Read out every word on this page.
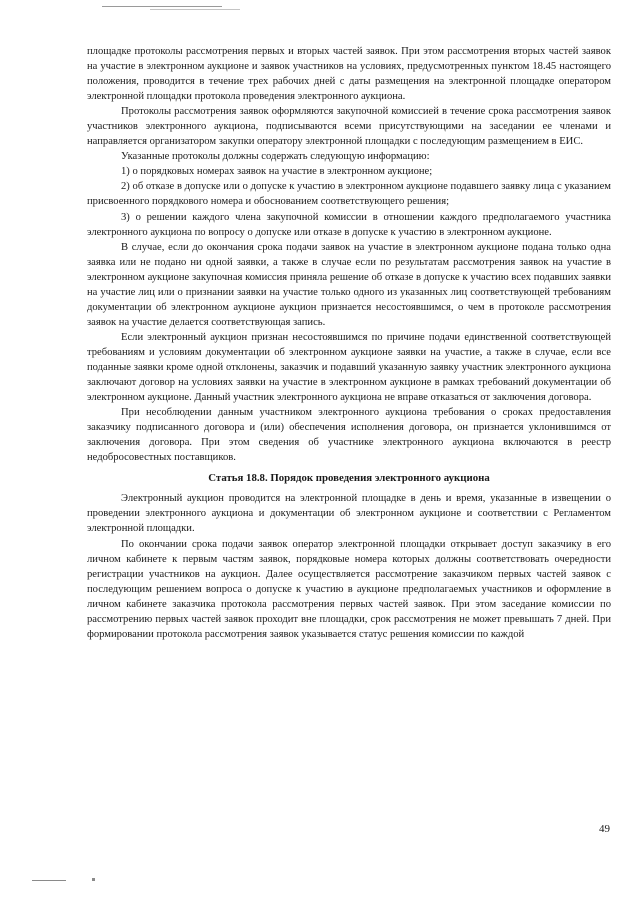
площадке протоколы рассмотрения первых и вторых частей заявок. При этом рассмотрения вторых частей заявок на участие в электронном аукционе и заявок участников на условиях, предусмотренных пунктом 18.45 настоящего положения, проводится в течение трех рабочих дней с даты размещения на электронной площадке оператором электронной площадки протокола проведения электронного аукциона.

Протоколы рассмотрения заявок оформляются закупочной комиссией в течение срока рассмотрения заявок участников электронного аукциона, подписываются всеми присутствующими на заседании ее членами и направляется организатором закупки оператору электронной площадки с последующим размещением в ЕИС.

Указанные протоколы должны содержать следующую информацию:

1) о порядковых номерах заявок на участие в электронном аукционе;

2) об отказе в допуске или о допуске к участию в электронном аукционе подавшего заявку лица с указанием присвоенного порядкового номера и обоснованием соответствующего решения;

3) о решении каждого члена закупочной комиссии в отношении каждого предполагаемого участника электронного аукциона по вопросу о допуске или отказе в допуске к участию в электронном аукционе.

В случае, если до окончания срока подачи заявок на участие в электронном аукционе подана только одна заявка или не подано ни одной заявки, а также в случае если по результатам рассмотрения заявок на участие в электронном аукционе закупочная комиссия приняла решение об отказе в допуске к участию всех подавших заявки на участие лиц или о признании заявки на участие только одного из указанных лиц соответствующей требованиям документации об электронном аукционе аукцион признается несостоявшимся, о чем в протоколе рассмотрения заявок на участие делается соответствующая запись.

Если электронный аукцион признан несостоявшимся по причине подачи единственной соответствующей требованиям и условиям документации об электронном аукционе заявки на участие, а также в случае, если все поданные заявки кроме одной отклонены, заказчик и подавший указанную заявку участник электронного аукциона заключают договор на условиях заявки на участие в электронном аукционе в рамках требований документации об электронном аукционе. Данный участник электронного аукциона не вправе отказаться от заключения договора.

При несоблюдении данным участником электронного аукциона требования о сроках предоставления заказчику подписанного договора и (или) обеспечения исполнения договора, он признается уклонившимся от заключения договора. При этом сведения об участнике электронного аукциона включаются в реестр недобросовестных поставщиков.

Статья 18.8. Порядок проведения электронного аукциона

Электронный аукцион проводится на электронной площадке в день и время, указанные в извещении о проведении электронного аукциона и документации об электронном аукционе и соответствии с Регламентом электронной площадки.

По окончании срока подачи заявок оператор электронной площадки открывает доступ заказчику в его личном кабинете к первым частям заявок, порядковые номера которых должны соответствовать очередности регистрации участников на аукцион. Далее осуществляется рассмотрение заказчиком первых частей заявок с последующим решением вопроса о допуске к участию в аукционе предполагаемых участников и оформление в личном кабинете заказчика протокола рассмотрения первых частей заявок. При этом заседание комиссии по рассмотрению первых частей заявок проходит вне площадки, срок рассмотрения не может превышать 7 дней. При формировании протокола рассмотрения заявок указывается статус решения комиссии по каждой

49
